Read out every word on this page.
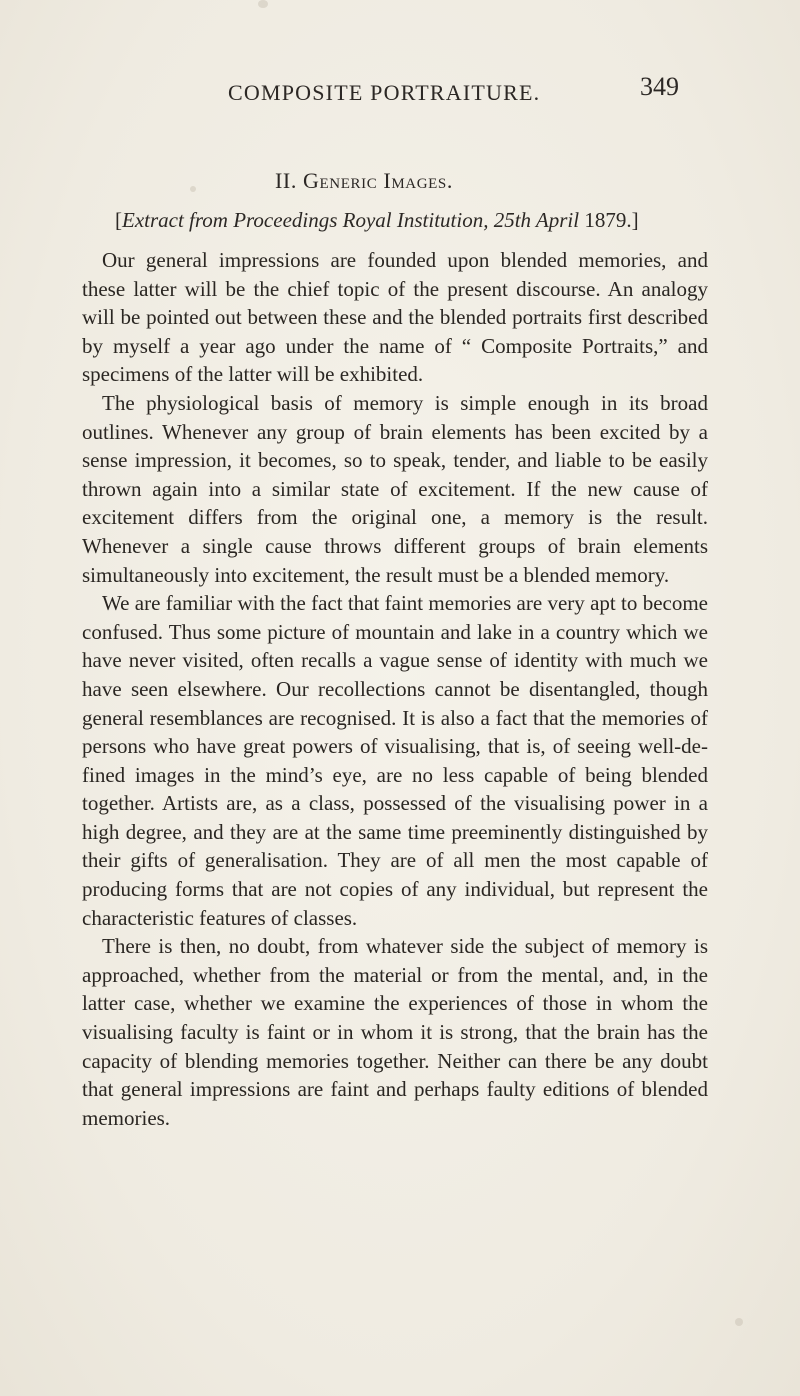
COMPOSITE PORTRAITURE.	349
II. Generic Images.
[Extract from Proceedings Royal Institution, 25th April 1879.]

Our general impressions are founded upon blended memories, and these latter will be the chief topic of the present discourse. An analogy will be pointed out between these and the blended portraits first described by myself a year ago under the name of “ Composite Portraits,” and specimens of the latter will be exhibited.

The physiological basis of memory is simple enough in its broad outlines. Whenever any group of brain elements has been excited by a sense impression, it becomes, so to speak, tender, and liable to be easily thrown again into a similar state of excitement. If the new cause of excitement differs from the original one, a memory is the result. Whenever a single cause throws different groups of brain elements simultaneously into excitement, the result must be a blended memory.

We are familiar with the fact that faint memories are very apt to become confused. Thus some picture of mountain and lake in a country which we have never visited, often recalls a vague sense of identity with much we have seen elsewhere. Our recollections cannot be disentangled, though general resemblances are recognised. It is also a fact that the memories of persons who have great powers of visualising, that is, of seeing well-defined images in the mind’s eye, are no less capable of being blended together. Artists are, as a class, possessed of the visualising power in a high degree, and they are at the same time preeminently distinguished by their gifts of generalisation. They are of all men the most capable of producing forms that are not copies of any individual, but represent the characteristic features of classes.

There is then, no doubt, from whatever side the subject of memory is approached, whether from the material or from the mental, and, in the latter case, whether we examine the experiences of those in whom the visualising faculty is faint or in whom it is strong, that the brain has the capacity of blending memories together. Neither can there be any doubt that general impressions are faint and perhaps faulty editions of blended memories.
